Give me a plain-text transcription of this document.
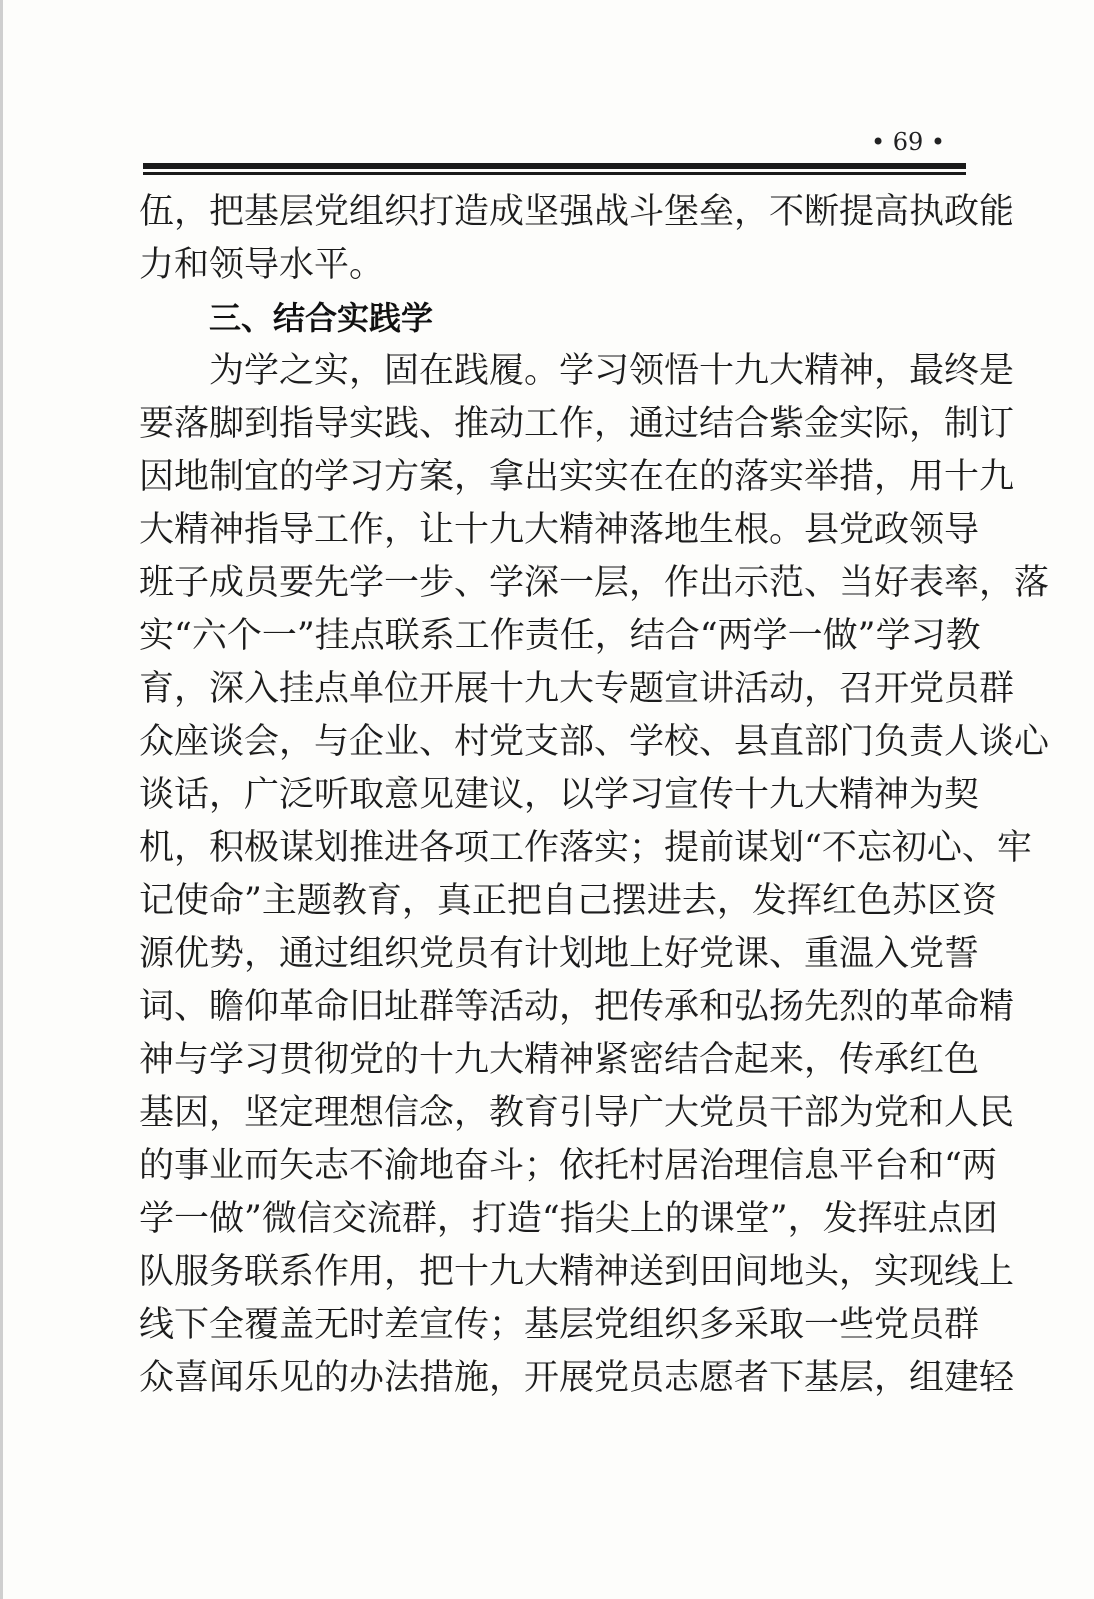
• 69 •
伍，把基层党组织打造成坚强战斗堡垒，不断提高执政能
力和领导水平。
三、结合实践学
　　为学之实，固在践履。学习领悟十九大精神，最终是
要落脚到指导实践、推动工作，通过结合紫金实际，制订
因地制宜的学习方案，拿出实实在在的落实举措，用十九
大精神指导工作，让十九大精神落地生根。县党政领导
班子成员要先学一步、学深一层，作出示范、当好表率，落
实“六个一”挂点联系工作责任，结合“两学一做”学习教
育，深入挂点单位开展十九大专题宣讲活动，召开党员群
众座谈会，与企业、村党支部、学校、县直部门负责人谈心
谈话，广泛听取意见建议，以学习宣传十九大精神为契
机，积极谋划推进各项工作落实；提前谋划“不忘初心、牢
记使命”主题教育，真正把自己摆进去，发挥红色苏区资
源优势，通过组织党员有计划地上好党课、重温入党誓
词、瞻仰革命旧址群等活动，把传承和弘扬先烈的革命精
神与学习贯彻党的十九大精神紧密结合起来，传承红色
基因，坚定理想信念，教育引导广大党员干部为党和人民
的事业而矢志不渝地奋斗；依托村居治理信息平台和“两
学一做”微信交流群，打造“指尖上的课堂”，发挥驻点团
队服务联系作用，把十九大精神送到田间地头，实现线上
线下全覆盖无时差宣传；基层党组织多采取一些党员群
众喜闻乐见的办法措施，开展党员志愿者下基层，组建轻
